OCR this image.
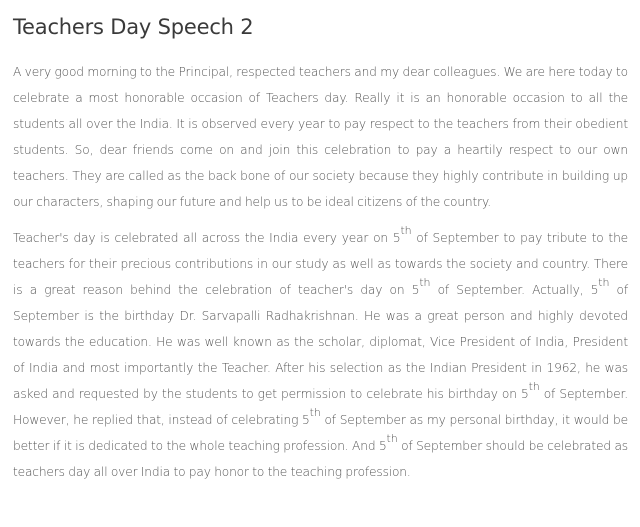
Teachers Day Speech 2

A very good morning to the Principal, respected teachers and my dear colleagues. We are here today to celebrate a most honorable occasion of Teachers day. Really it is an honorable occasion to all the students all over the India. It is observed every year to pay respect to the teachers from their obedient students. So, dear friends come on and join this celebration to pay a heartily respect to our own teachers. They are called as the back bone of our society because they highly contribute in building up our characters, shaping our future and help us to be ideal citizens of the country.

Teacher's day is celebrated all across the India every year on 5th of September to pay tribute to the teachers for their precious contributions in our study as well as towards the society and country. There is a great reason behind the celebration of teacher's day on 5th of September. Actually, 5th of September is the birthday Dr. Sarvapalli Radhakrishnan. He was a great person and highly devoted towards the education. He was well known as the scholar, diplomat, Vice President of India, President of India and most importantly the Teacher. After his selection as the Indian President in 1962, he was asked and requested by the students to get permission to celebrate his birthday on 5th of September. However, he replied that, instead of celebrating 5th of September as my personal birthday, it would be better if it is dedicated to the whole teaching profession. And 5th of September should be celebrated as teachers day all over India to pay honor to the teaching profession.
